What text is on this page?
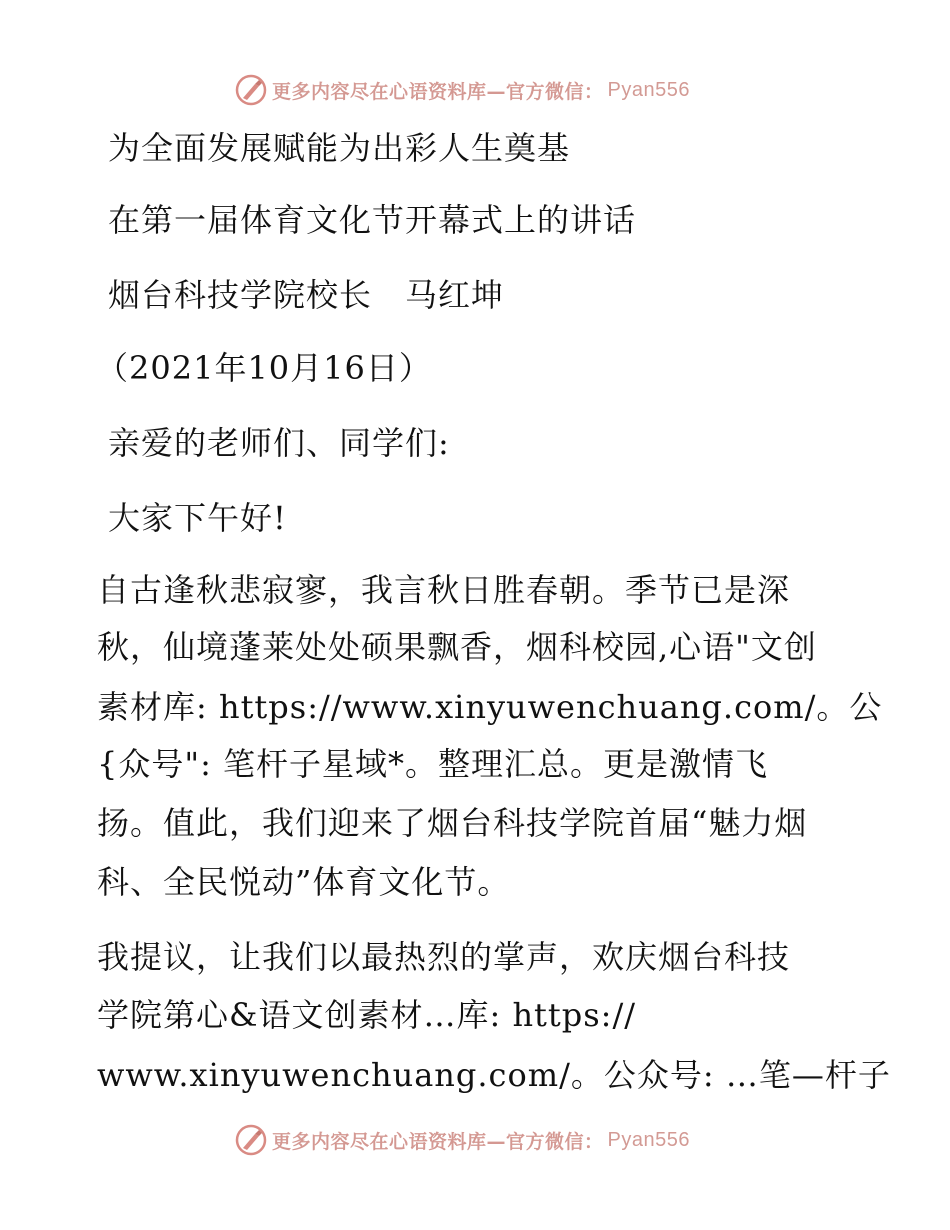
更多内容尽在心语资料库—官方微信： Pyan556
为全面发展赋能为出彩人生奠基
在第一届体育文化节开幕式上的讲话
烟台科技学院校长　马红坤
（2021年10月16日）
亲爱的老师们、同学们:
大家下午好!
自古逢秋悲寂寥，我言秋日胜春朝。季节已是深
秋，仙境蓬莱处处硕果飘香，烟科校园,心语"文创
素材库: https://www.xinyuwenchuang.com/。公
{众号": 笔杆子星域*。整理汇总。更是激情飞
扬。值此，我们迎来了烟台科技学院首届“魅力烟
科、全民悦动”体育文化节。
我提议，让我们以最热烈的掌声，欢庆烟台科技
学院第心&语文创素材…库: https://
www.xinyuwenchuang.com/。公众号: …笔—杆子
更多内容尽在心语资料库—官方微信： Pyan556
